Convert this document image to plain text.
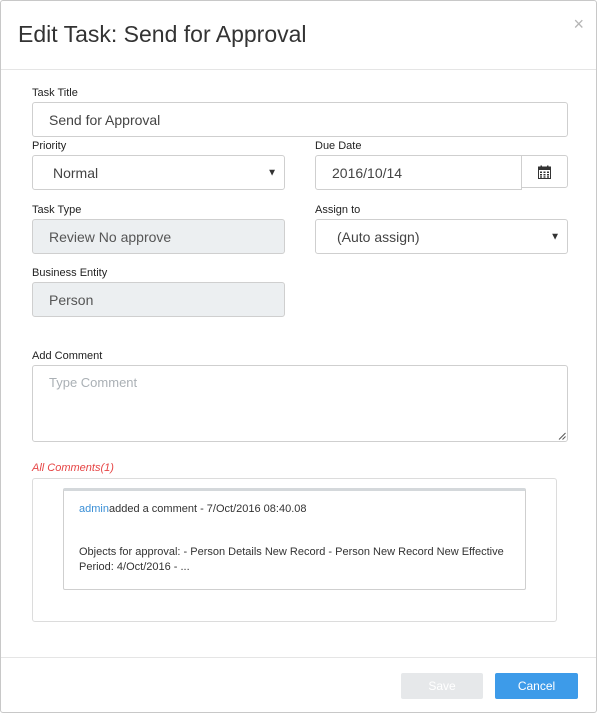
Edit Task: Send for Approval	×
Task Title
Send for Approval
Priority
Normal	▼
Due Date
2016/10/14
Task Type
Review No approve
Assign to
(Auto assign)	▼
Business Entity
Person
Add Comment
Type Comment
All Comments(1)
adminadded a comment - 7/Oct/2016 08:40.08
Objects for approval: - Person Details New Record - Person New Record New Effective Period: 4/Oct/2016 - ...
Save	Cancel
